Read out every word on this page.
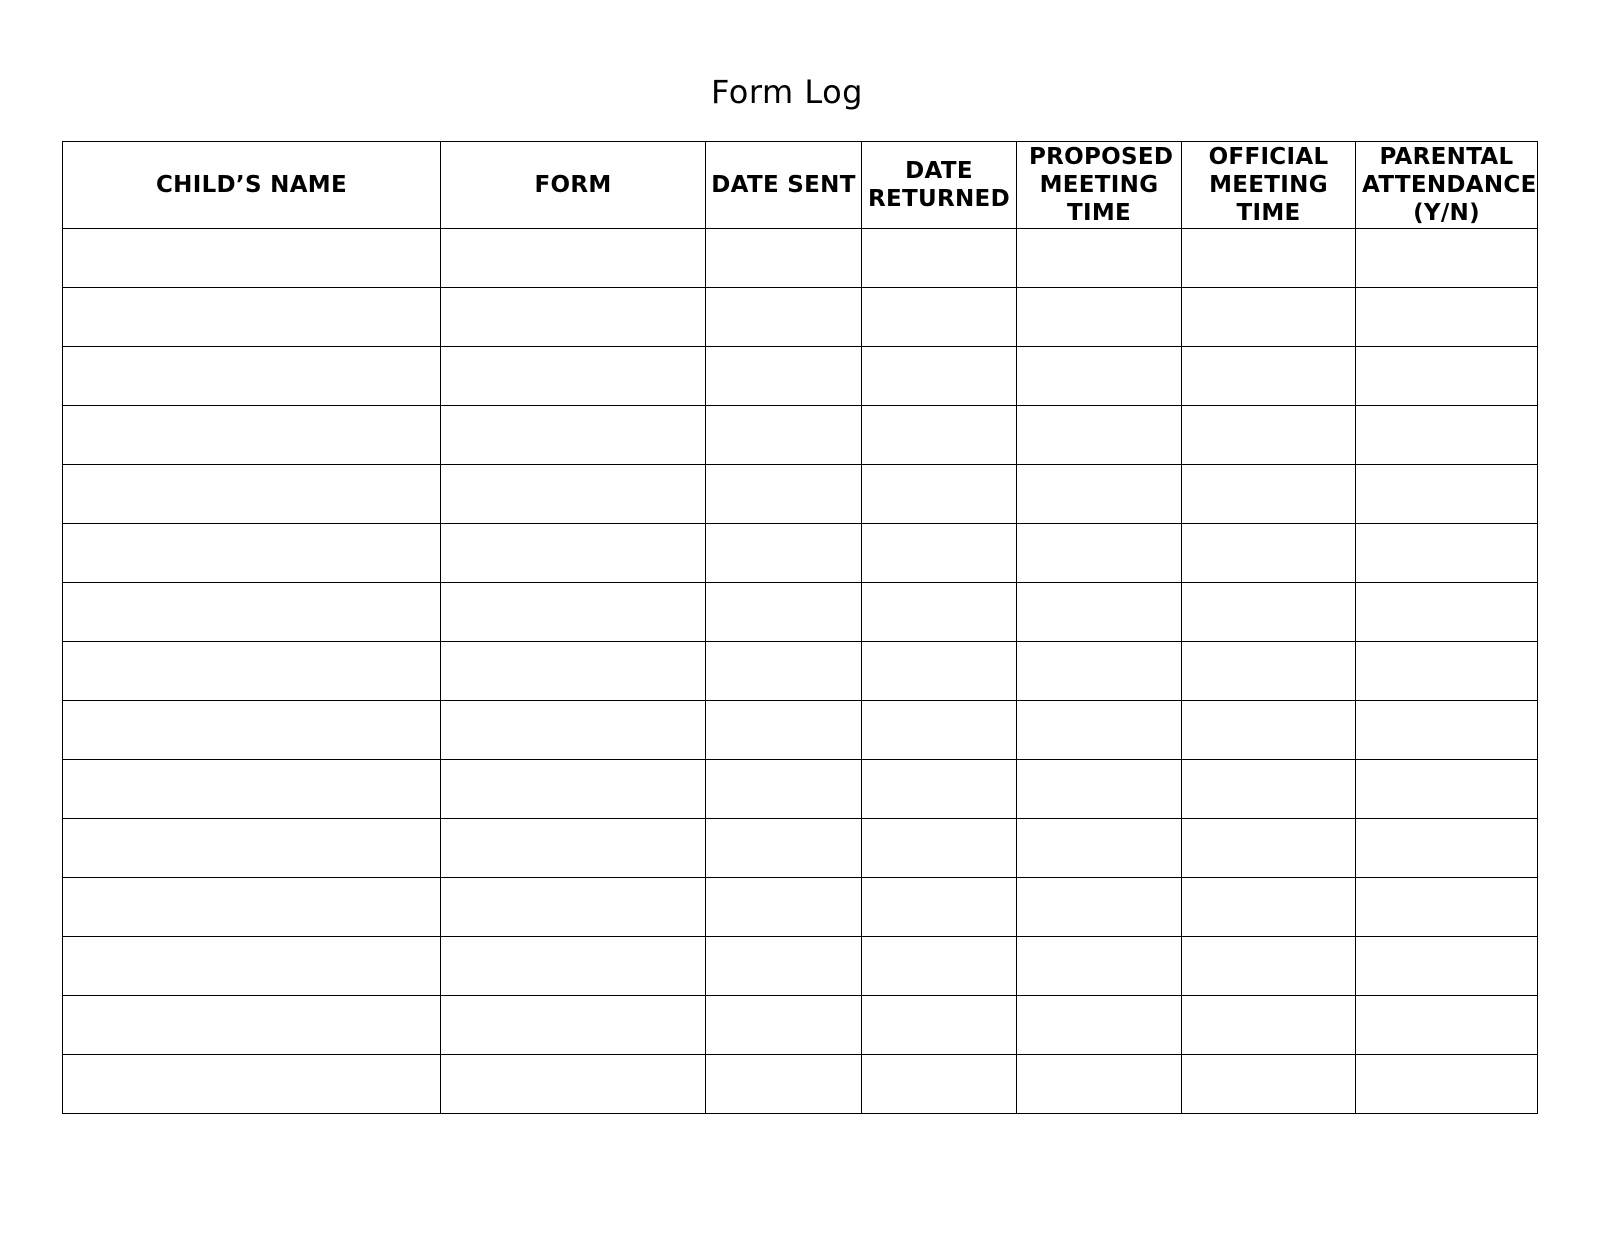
Form Log
CHILD’S NAME	FORM	DATE SENT	DATE RETURNED	PROPOSED MEETING TIME	OFFICIAL MEETING TIME	PARENTAL ATTENDANCE (Y/N)
